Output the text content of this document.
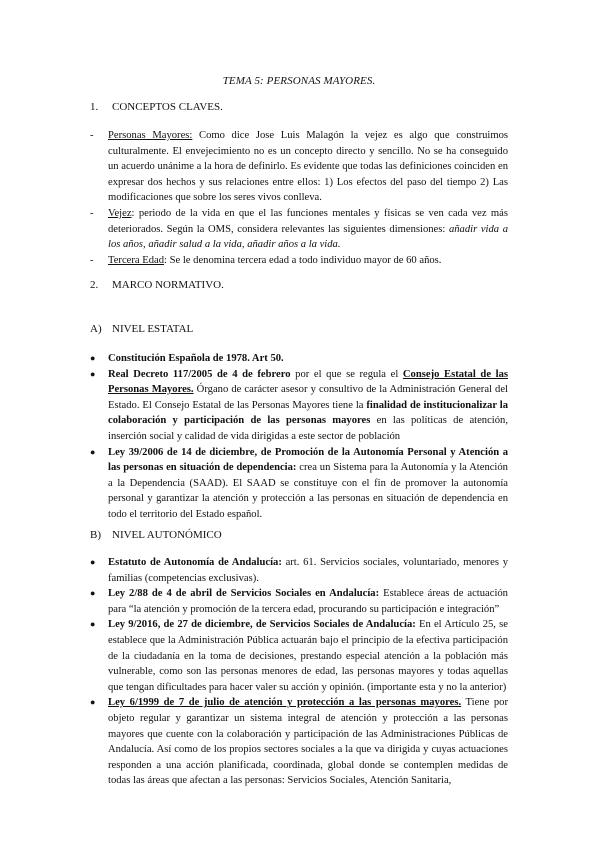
TEMA 5: PERSONAS MAYORES.
1. CONCEPTOS CLAVES.

- Personas Mayores: Como dice Jose Luis Malagón la vejez es algo que construimos culturalmente. El envejecimiento no es un concepto directo y sencillo. No se ha conseguido un acuerdo unánime a la hora de definirlo. Es evidente que todas las definiciones coinciden en expresar dos hechos y sus relaciones entre ellos: 1) Los efectos del paso del tiempo 2) Las modificaciones que sobre los seres vivos conlleva.

- Vejez: periodo de la vida en que el las funciones mentales y físicas se ven cada vez más deteriorados. Según la OMS, considera relevantes las siguientes dimensiones: añadir vida a los años, añadir salud a la vida, añadir años a la vida.

- Tercera Edad: Se le denomina tercera edad a todo individuo mayor de 60 años.

2. MARCO NORMATIVO.
A) NIVEL ESTATAL

● Constitución Española de 1978. Art 50.

● Real Decreto 117/2005 de 4 de febrero por el que se regula el Consejo Estatal de las Personas Mayores. Órgano de carácter asesor y consultivo de la Administración General del Estado. El Consejo Estatal de las Personas Mayores tiene la finalidad de institucionalizar la colaboración y participación de las personas mayores en las políticas de atención, inserción social y calidad de vida dirigidas a este sector de población

● Ley 39/2006 de 14 de diciembre, de Promoción de la Autonomía Personal y Atención a las personas en situación de dependencia: crea un Sistema para la Autonomía y la Atención a la Dependencia (SAAD). El SAAD se constituye con el fin de promover la autonomía personal y garantizar la atención y protección a las personas en situación de dependencia en todo el territorio del Estado español.

B) NIVEL AUTONÓMICO

● Estatuto de Autonomía de Andalucía: art. 61. Servicios sociales, voluntariado, menores y familias (competencias exclusivas).

● Ley 2/88 de 4 de abril de Servicios Sociales en Andalucía: Establece áreas de actuación para “la atención y promoción de la tercera edad, procurando su participación e integración”

● Ley 9/2016, de 27 de diciembre, de Servicios Sociales de Andalucía: En el Artículo 25, se establece que la Administración Pública actuarán bajo el principio de la efectiva participación de la ciudadanía en la toma de decisiones, prestando especial atención a la población más vulnerable, como son las personas menores de edad, las personas mayores y todas aquellas que tengan dificultades para hacer valer su acción y opinión. (importante esta y no la anterior)

● Ley 6/1999 de 7 de julio de atención y protección a las personas mayores. Tiene por objeto regular y garantizar un sistema integral de atención y protección a las personas mayores que cuente con la colaboración y participación de las Administraciones Públicas de Andalucía. Así como de los propios sectores sociales a la que va dirigida y cuyas actuaciones responden a una acción planificada, coordinada, global donde se contemplen medidas de todas las áreas que afectan a las personas: Servicios Sociales, Atención Sanitaria,
